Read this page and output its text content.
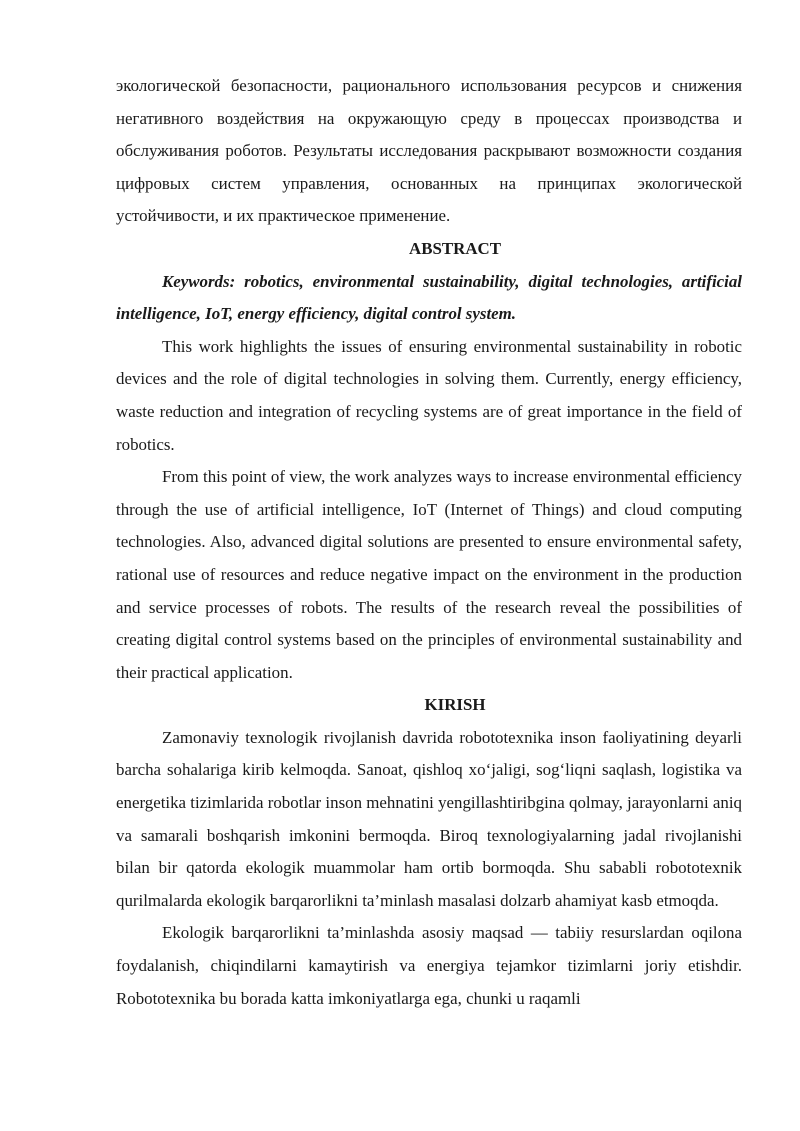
экологической безопасности, рационального использования ресурсов и снижения негативного воздействия на окружающую среду в процессах производства и обслуживания роботов. Результаты исследования раскрывают возможности создания цифровых систем управления, основанных на принципах экологической устойчивости, и их практическое применение.

ABSTRACT

Keywords: robotics, environmental sustainability, digital technologies, artificial intelligence, IoT, energy efficiency, digital control system.

This work highlights the issues of ensuring environmental sustainability in robotic devices and the role of digital technologies in solving them. Currently, energy efficiency, waste reduction and integration of recycling systems are of great importance in the field of robotics.

From this point of view, the work analyzes ways to increase environmental efficiency through the use of artificial intelligence, IoT (Internet of Things) and cloud computing technologies. Also, advanced digital solutions are presented to ensure environmental safety, rational use of resources and reduce negative impact on the environment in the production and service processes of robots. The results of the research reveal the possibilities of creating digital control systems based on the principles of environmental sustainability and their practical application.

KIRISH

Zamonaviy texnologik rivojlanish davrida robototexnika inson faoliyatining deyarli barcha sohalariga kirib kelmoqda. Sanoat, qishloq xo‘jaligi, sog‘liqni saqlash, logistika va energetika tizimlarida robotlar inson mehnatini yengillashtiribgina qolmay, jarayonlarni aniq va samarali boshqarish imkonini bermoqda. Biroq texnologiyalarning jadal rivojlanishi bilan bir qatorda ekologik muammolar ham ortib bormoqda. Shu sababli robototexnik qurilmalarda ekologik barqarorlikni ta’minlash masalasi dolzarb ahamiyat kasb etmoqda.

Ekologik barqarorlikni ta’minlashda asosiy maqsad — tabiiy resurslardan oqilona foydalanish, chiqindilarni kamaytirish va energiya tejamkor tizimlarni joriy etishdir. Robototexnika bu borada katta imkoniyatlarga ega, chunki u raqamli
